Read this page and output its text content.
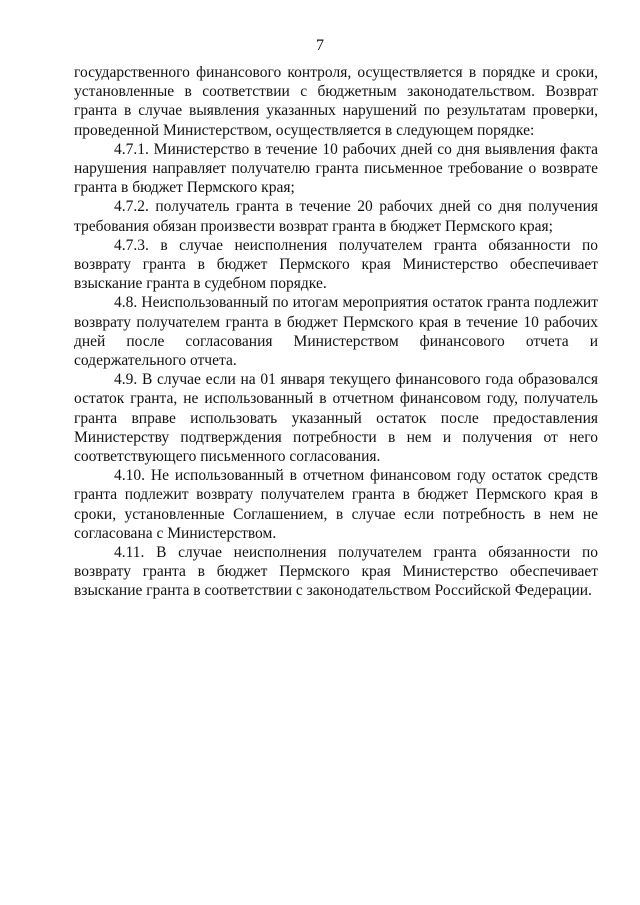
7

государственного финансового контроля, осуществляется в порядке и сроки, установленные в соответствии с бюджетным законодательством. Возврат гранта в случае выявления указанных нарушений по результатам проверки, проведенной Министерством, осуществляется в следующем порядке:

4.7.1. Министерство в течение 10 рабочих дней со дня выявления факта нарушения направляет получателю гранта письменное требование о возврате гранта в бюджет Пермского края;

4.7.2. получатель гранта в течение 20 рабочих дней со дня получения требования обязан произвести возврат гранта в бюджет Пермского края;

4.7.3. в случае неисполнения получателем гранта обязанности по возврату гранта в бюджет Пермского края Министерство обеспечивает взыскание гранта в судебном порядке.

4.8. Неиспользованный по итогам мероприятия остаток гранта подлежит возврату получателем гранта в бюджет Пермского края в течение 10 рабочих дней после согласования Министерством финансового отчета и содержательного отчета.

4.9. В случае если на 01 января текущего финансового года образовался остаток гранта, не использованный в отчетном финансовом году, получатель гранта вправе использовать указанный остаток после предоставления Министерству подтверждения потребности в нем и получения от него соответствующего письменного согласования.

4.10. Не использованный в отчетном финансовом году остаток средств гранта подлежит возврату получателем гранта в бюджет Пермского края в сроки, установленные Соглашением, в случае если потребность в нем не согласована с Министерством.

4.11. В случае неисполнения получателем гранта обязанности по возврату гранта в бюджет Пермского края Министерство обеспечивает взыскание гранта в соответствии с законодательством Российской Федерации.
